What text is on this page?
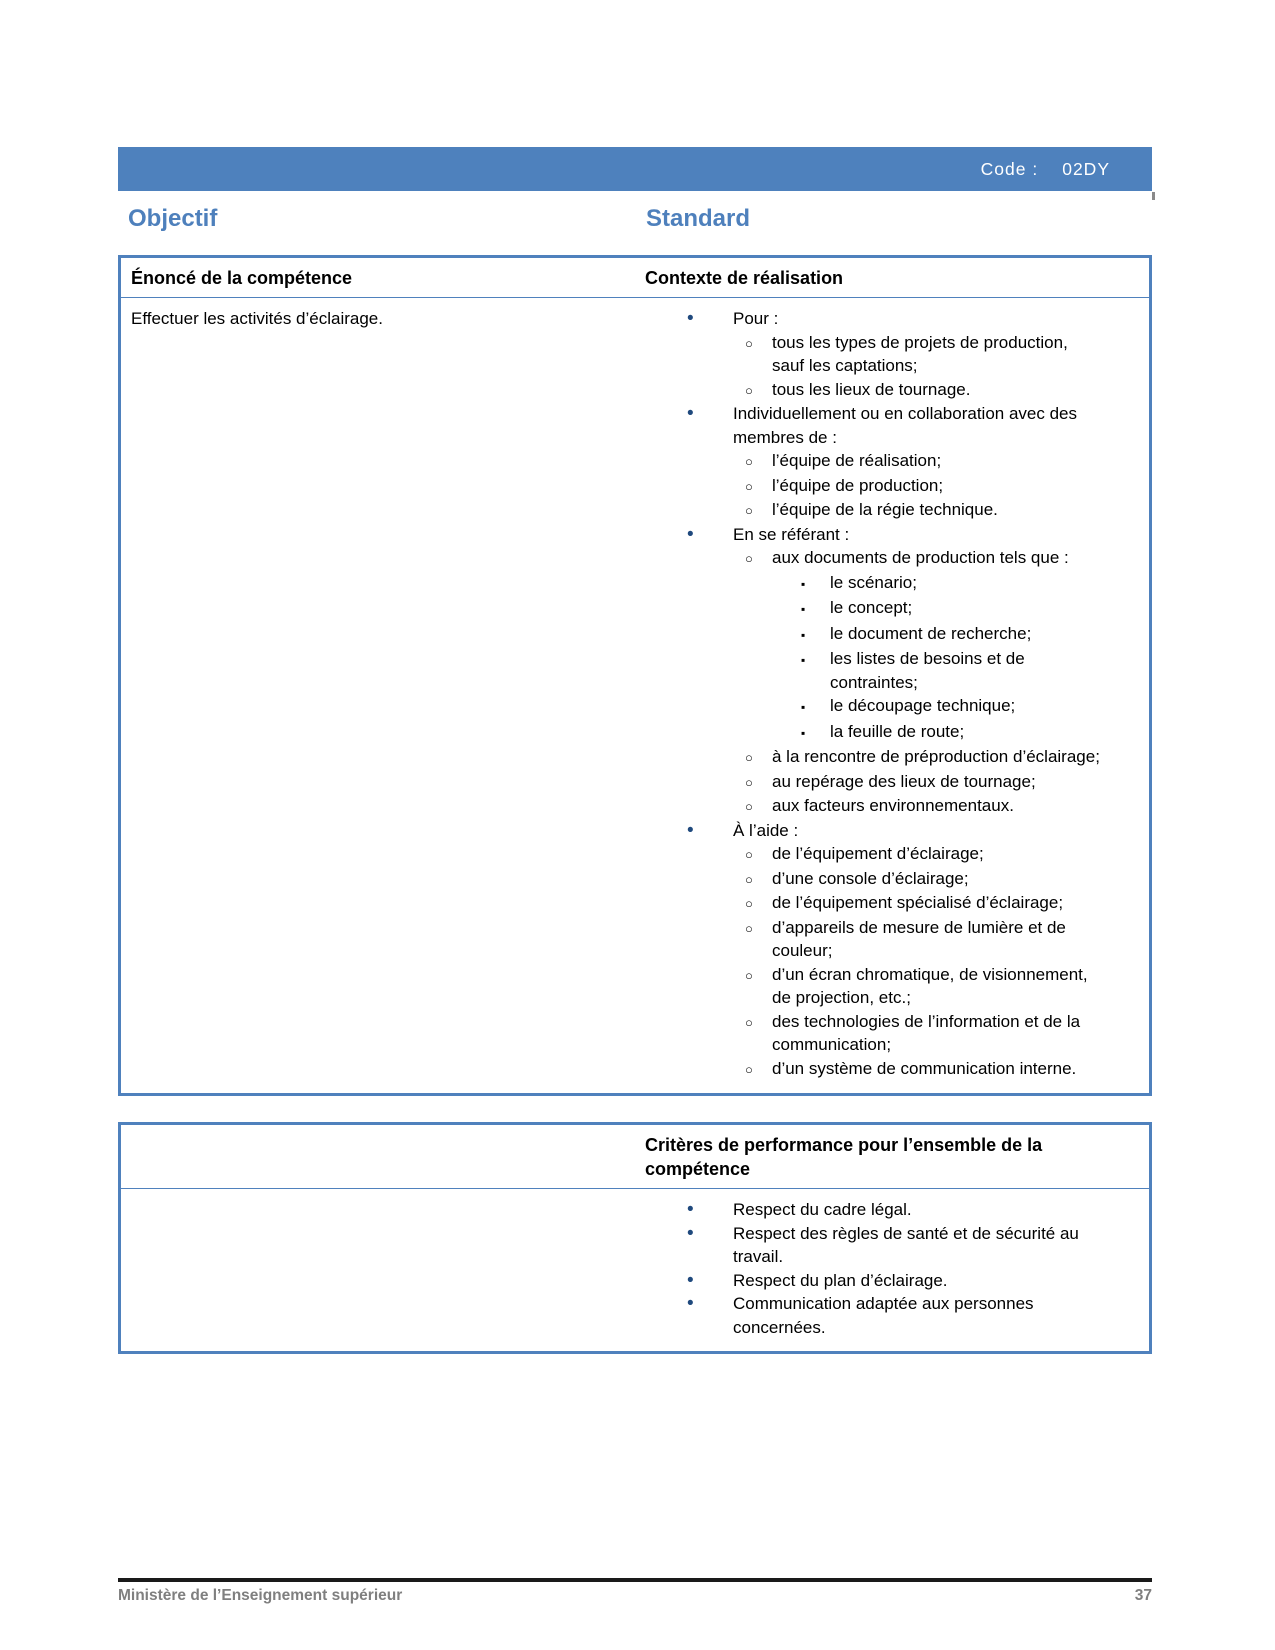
Code : 02DY
Objectif	Standard
Énoncé de la compétence	Contexte de réalisation
Effectuer les activités d’éclairage.	•	Pour :
○	tous les types de projets de production, sauf les captations;
○	tous les lieux de tournage.
•	Individuellement ou en collaboration avec des membres de :
○	l’équipe de réalisation;
○	l’équipe de production;
○	l’équipe de la régie technique.
•	En se référant :
○	aux documents de production tels que :
▪	le scénario;
▪	le concept;
▪	le document de recherche;
▪	les listes de besoins et de contraintes;
▪	le découpage technique;
▪	la feuille de route;
○	à la rencontre de préproduction d’éclairage;
○	au repérage des lieux de tournage;
○	aux facteurs environnementaux.
•	À l’aide :
○	de l’équipement d’éclairage;
○	d’une console d’éclairage;
○	de l’équipement spécialisé d’éclairage;
○	d’appareils de mesure de lumière et de couleur;
○	d’un écran chromatique, de visionnement, de projection, etc.;
○	des technologies de l’information et de la communication;
○	d’un système de communication interne.
Critères de performance pour l’ensemble de la compétence
•	Respect du cadre légal.
•	Respect des règles de santé et de sécurité au travail.
•	Respect du plan d’éclairage.
•	Communication adaptée aux personnes concernées.
Ministère de l’Enseignement supérieur	37
